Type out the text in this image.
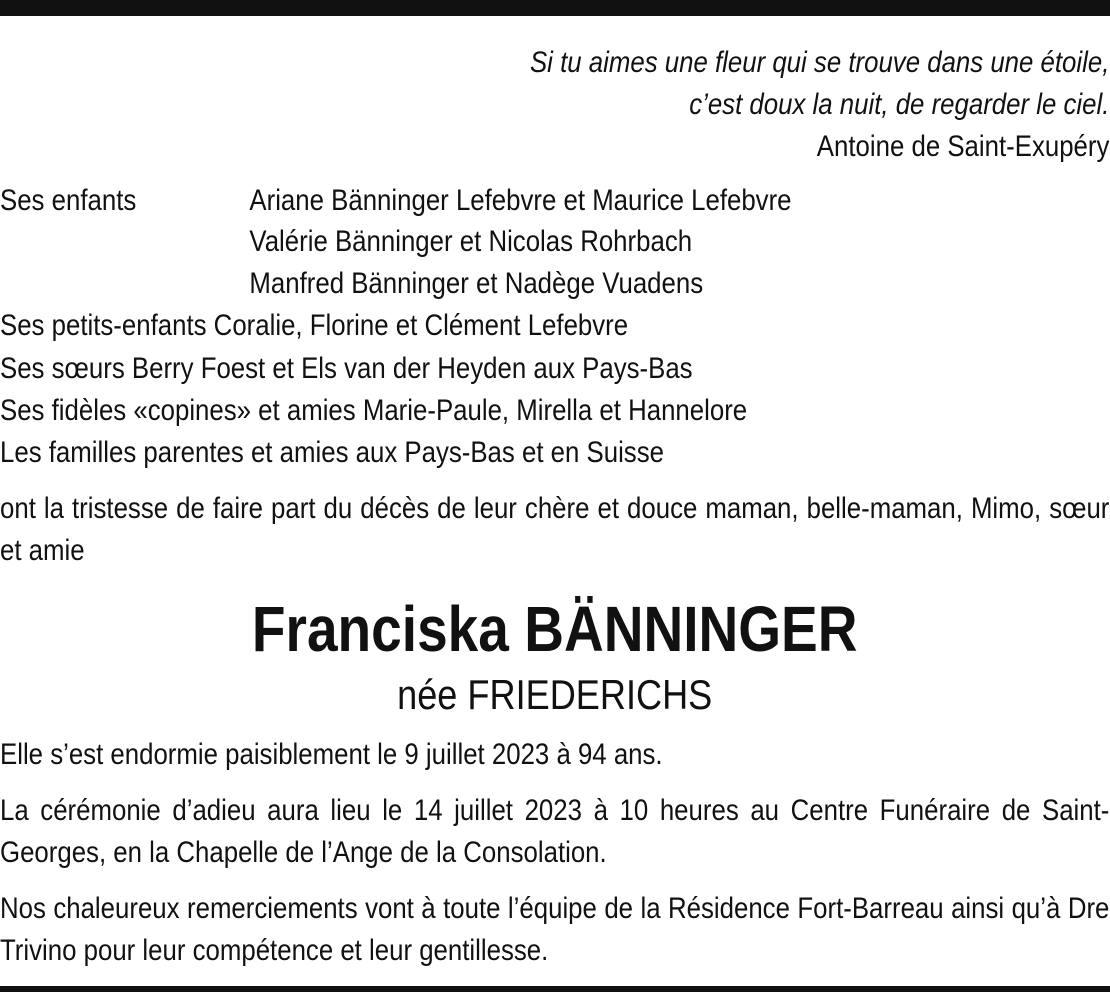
Si tu aimes une fleur qui se trouve dans une étoile,
c’est doux la nuit, de regarder le ciel.
Antoine de Saint-Exupéry
Ses enfants	Ariane Bänninger Lefebvre et Maurice Lefebvre
Valérie Bänninger et Nicolas Rohrbach
Manfred Bänninger et Nadège Vuadens
Ses petits-enfants Coralie, Florine et Clément Lefebvre
Ses sœurs Berry Foest et Els van der Heyden aux Pays-Bas
Ses fidèles «copines» et amies Marie-Paule, Mirella et Hannelore
Les familles parentes et amies aux Pays-Bas et en Suisse
ont la tristesse de faire part du décès de leur chère et douce maman, belle-maman, Mimo, sœur et amie
Franciska BÄNNINGER
née FRIEDERICHS
Elle s’est endormie paisiblement le 9 juillet 2023 à 94 ans.
La cérémonie d’adieu aura lieu le 14 juillet 2023 à 10 heures au Centre Funéraire de Saint-Georges, en la Chapelle de l’Ange de la Consolation.
Nos chaleureux remerciements vont à toute l’équipe de la Résidence Fort-Barreau ainsi qu’à Dre Trivino pour leur compétence et leur gentillesse.
